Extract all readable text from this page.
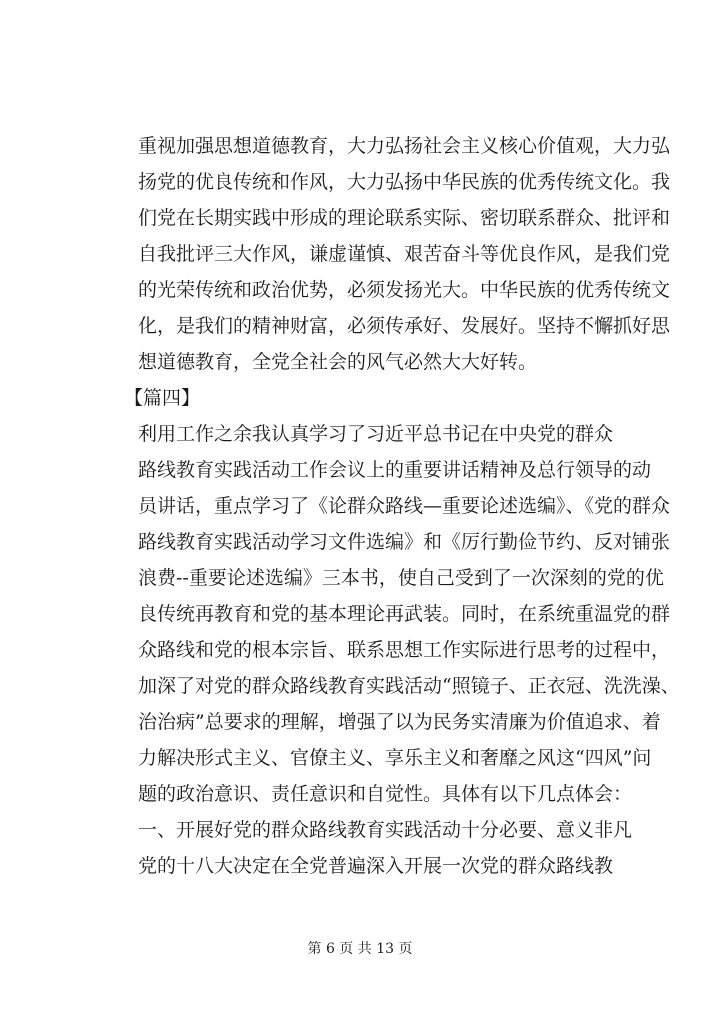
重视加强思想道德教育，大力弘扬社会主义核心价值观，大力弘
扬党的优良传统和作风，大力弘扬中华民族的优秀传统文化。我
们党在长期实践中形成的理论联系实际、密切联系群众、批评和
自我批评三大作风，谦虚谨慎、艰苦奋斗等优良作风，是我们党
的光荣传统和政治优势，必须发扬光大。中华民族的优秀传统文
化，是我们的精神财富，必须传承好、发展好。坚持不懈抓好思
想道德教育，全党全社会的风气必然大大好转。
【篇四】
利用工作之余我认真学习了习近平总书记在中央党的群众
路线教育实践活动工作会议上的重要讲话精神及总行领导的动
员讲话，重点学习了《论群众路线—重要论述选编》、《党的群众
路线教育实践活动学习文件选编》和《厉行勤俭节约、反对铺张
浪费--重要论述选编》三本书，使自己受到了一次深刻的党的优
良传统再教育和党的基本理论再武装。同时，在系统重温党的群
众路线和党的根本宗旨、联系思想工作实际进行思考的过程中，
加深了对党的群众路线教育实践活动“照镜子、正衣冠、洗洗澡、
治治病”总要求的理解，增强了以为民务实清廉为价值追求、着
力解决形式主义、官僚主义、享乐主义和奢靡之风这“四风”问
题的政治意识、责任意识和自觉性。具体有以下几点体会：
一、开展好党的群众路线教育实践活动十分必要、意义非凡
党的十八大决定在全党普遍深入开展一次党的群众路线教
第 6 页 共 13 页
